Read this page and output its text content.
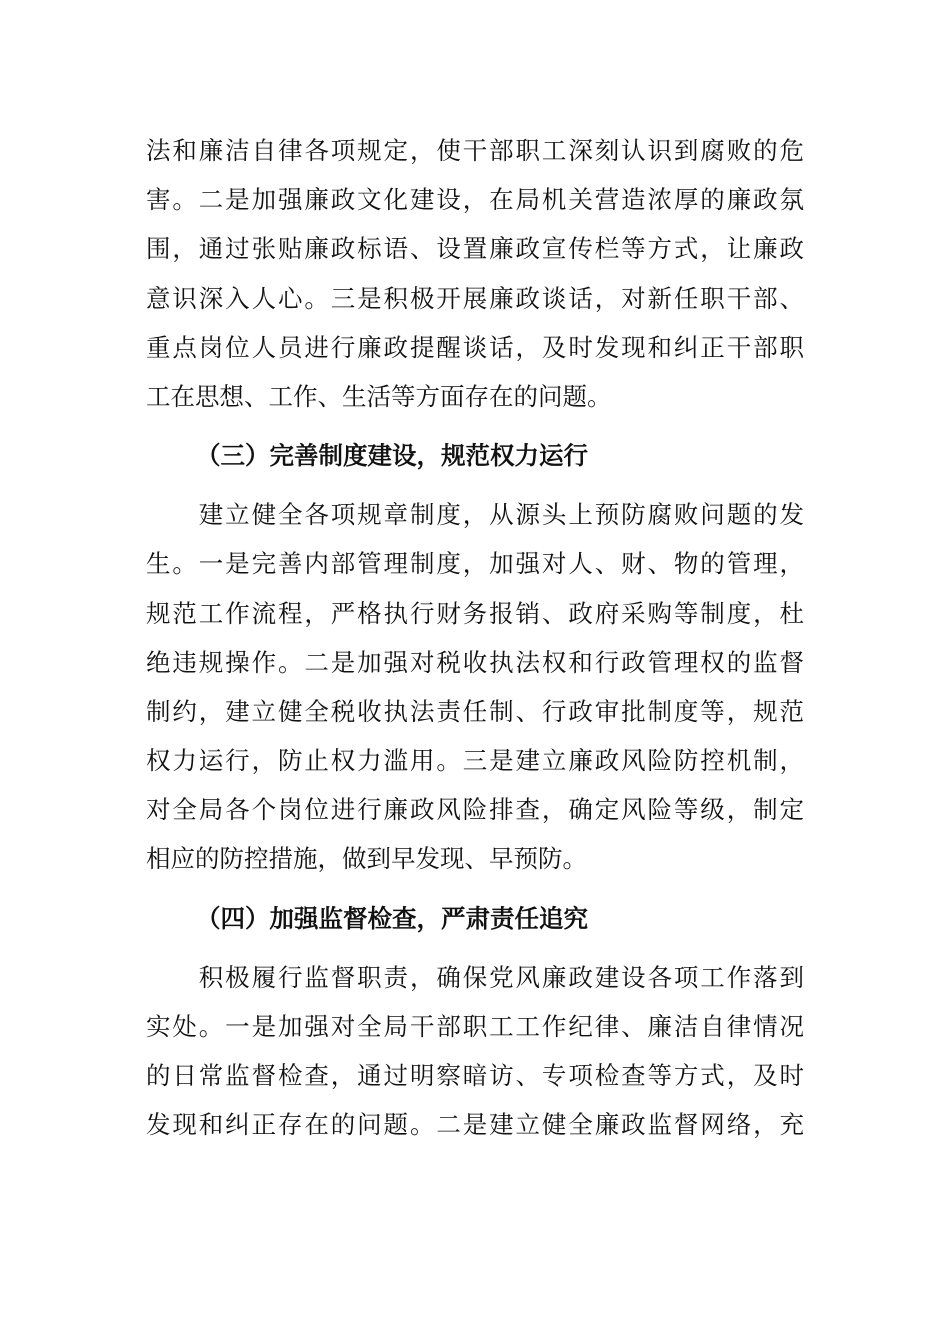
法和廉洁自律各项规定，使干部职工深刻认识到腐败的危
害。二是加强廉政文化建设，在局机关营造浓厚的廉政氛
围，通过张贴廉政标语、设置廉政宣传栏等方式，让廉政
意识深入人心。三是积极开展廉政谈话，对新任职干部、
重点岗位人员进行廉政提醒谈话，及时发现和纠正干部职
工在思想、工作、生活等方面存在的问题。
（三）完善制度建设，规范权力运行
　　建立健全各项规章制度，从源头上预防腐败问题的发
生。一是完善内部管理制度，加强对人、财、物的管理，
规范工作流程，严格执行财务报销、政府采购等制度，杜
绝违规操作。二是加强对税收执法权和行政管理权的监督
制约，建立健全税收执法责任制、行政审批制度等，规范
权力运行，防止权力滥用。三是建立廉政风险防控机制，
对全局各个岗位进行廉政风险排查，确定风险等级，制定
相应的防控措施，做到早发现、早预防。
（四）加强监督检查，严肃责任追究
　　积极履行监督职责，确保党风廉政建设各项工作落到
实处。一是加强对全局干部职工工作纪律、廉洁自律情况
的日常监督检查，通过明察暗访、专项检查等方式，及时
发现和纠正存在的问题。二是建立健全廉政监督网络，充
